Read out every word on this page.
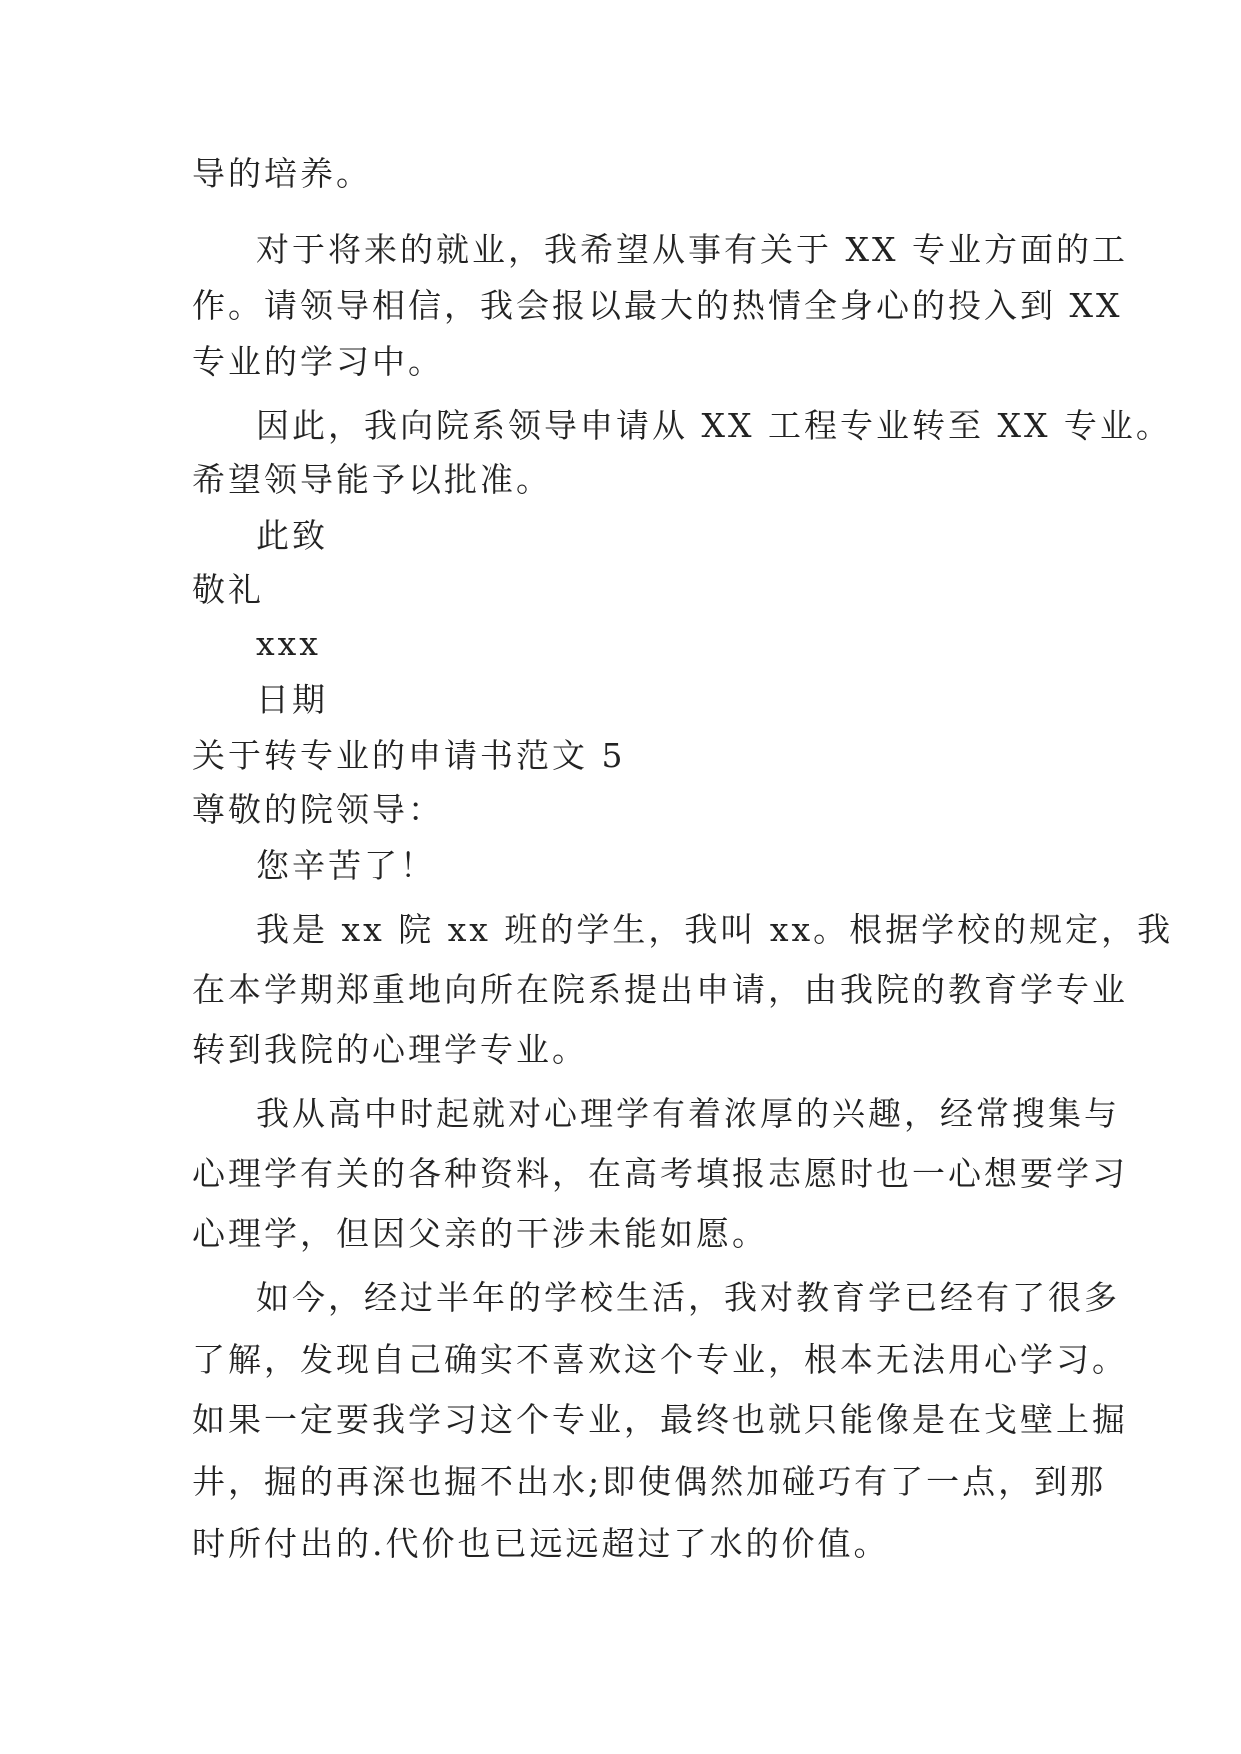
导的培养。
对于将来的就业，我希望从事有关于 XX 专业方面的工
作。请领导相信，我会报以最大的热情全身心的投入到 XX
专业的学习中。
因此，我向院系领导申请从 XX 工程专业转至 XX 专业。
希望领导能予以批准。
此致
敬礼
xxx
日期
关于转专业的申请书范文 5
尊敬的院领导：
您辛苦了！
我是 xx 院 xx 班的学生，我叫 xx。根据学校的规定，我
在本学期郑重地向所在院系提出申请，由我院的教育学专业
转到我院的心理学专业。
我从高中时起就对心理学有着浓厚的兴趣，经常搜集与
心理学有关的各种资料，在高考填报志愿时也一心想要学习
心理学，但因父亲的干涉未能如愿。
如今，经过半年的学校生活，我对教育学已经有了很多
了解，发现自己确实不喜欢这个专业，根本无法用心学习。
如果一定要我学习这个专业，最终也就只能像是在戈壁上掘
井，掘的再深也掘不出水;即使偶然加碰巧有了一点，到那
时所付出的.代价也已远远超过了水的价值。
